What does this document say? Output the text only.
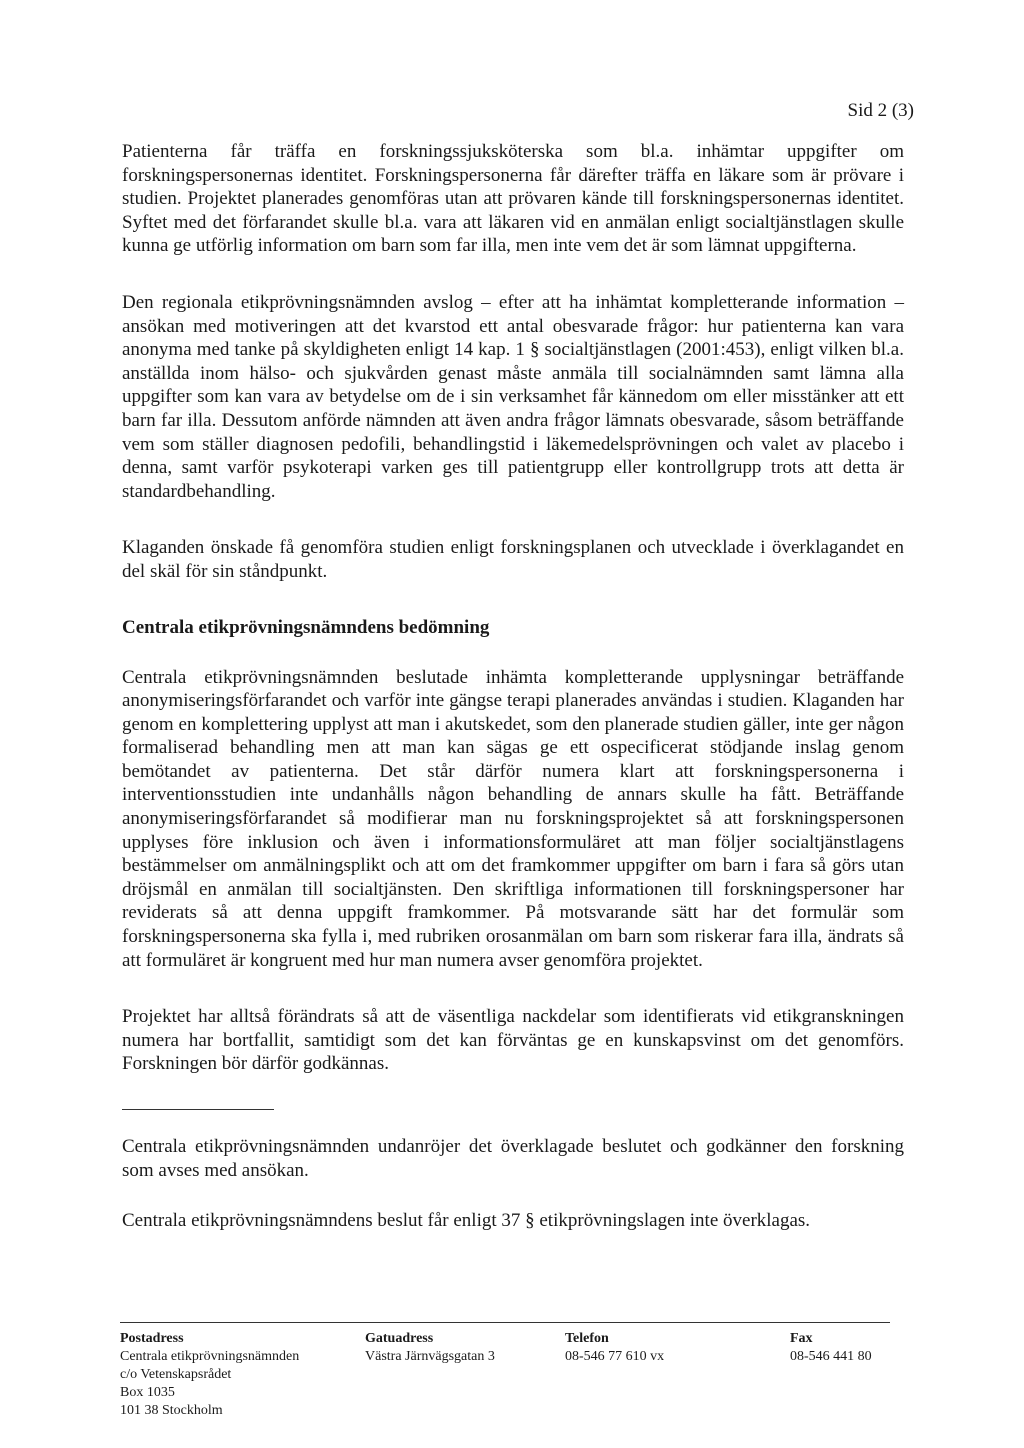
Sid 2 (3)

Patienterna får träffa en forskningssjuksköterska som bl.a. inhämtar uppgifter om forskningspersonernas identitet. Forskningspersonerna får därefter träffa en läkare som är prövare i studien. Projektet planerades genomföras utan att prövaren kände till forskningspersonernas identitet. Syftet med det förfarandet skulle bl.a. vara att läkaren vid en anmälan enligt socialtjänstlagen skulle kunna ge utförlig information om barn som far illa, men inte vem det är som lämnat uppgifterna.

Den regionala etikprövningsnämnden avslog – efter att ha inhämtat kompletterande information – ansökan med motiveringen att det kvarstod ett antal obesvarade frågor: hur patienterna kan vara anonyma med tanke på skyldigheten enligt 14 kap. 1 § socialtjänstlagen (2001:453), enligt vilken bl.a. anställda inom hälso- och sjukvården genast måste anmäla till socialnämnden samt lämna alla uppgifter som kan vara av betydelse om de i sin verksamhet får kännedom om eller misstänker att ett barn far illa. Dessutom anförde nämnden att även andra frågor lämnats obesvarade, såsom beträffande vem som ställer diagnosen pedofili, behandlingstid i läkemedelsprövningen och valet av placebo i denna, samt varför psykoterapi varken ges till patientgrupp eller kontrollgrupp trots att detta är standardbehandling.

Klaganden önskade få genomföra studien enligt forskningsplanen och utvecklade i överklagandet en del skäl för sin ståndpunkt.

Centrala etikprövningsnämndens bedömning

Centrala etikprövningsnämnden beslutade inhämta kompletterande upplysningar beträffande anonymiseringsförfarandet och varför inte gängse terapi planerades användas i studien. Klaganden har genom en komplettering upplyst att man i akutskedet, som den planerade studien gäller, inte ger någon formaliserad behandling men att man kan sägas ge ett ospecificerat stödjande inslag genom bemötandet av patienterna. Det står därför numera klart att forskningspersonerna i interventionsstudien inte undanhålls någon behandling de annars skulle ha fått. Beträffande anonymiseringsförfarandet så modifierar man nu forskningsprojektet så att forskningspersonen upplyses före inklusion och även i informationsformuläret att man följer socialtjänstlagens bestämmelser om anmälningsplikt och att om det framkommer uppgifter om barn i fara så görs utan dröjsmål en anmälan till socialtjänsten. Den skriftliga informationen till forskningspersoner har reviderats så att denna uppgift framkommer. På motsvarande sätt har det formulär som forskningspersonerna ska fylla i, med rubriken orosanmälan om barn som riskerar fara illa, ändrats så att formuläret är kongruent med hur man numera avser genomföra projektet.

Projektet har alltså förändrats så att de väsentliga nackdelar som identifierats vid etikgranskningen numera har bortfallit, samtidigt som det kan förväntas ge en kunskapsvinst om det genomförs. Forskningen bör därför godkännas.

Centrala etikprövningsnämnden undanröjer det överklagade beslutet och godkänner den forskning som avses med ansökan.

Centrala etikprövningsnämndens beslut får enligt 37 § etikprövningslagen inte överklagas.

Postadress
Centrala etikprövningsnämnden
c/o Vetenskapsrådet
Box 1035
101 38 Stockholm
Gatuadress
Västra Järnvägsgatan 3
Telefon
08-546 77 610 vx
Fax
08-546 441 80
